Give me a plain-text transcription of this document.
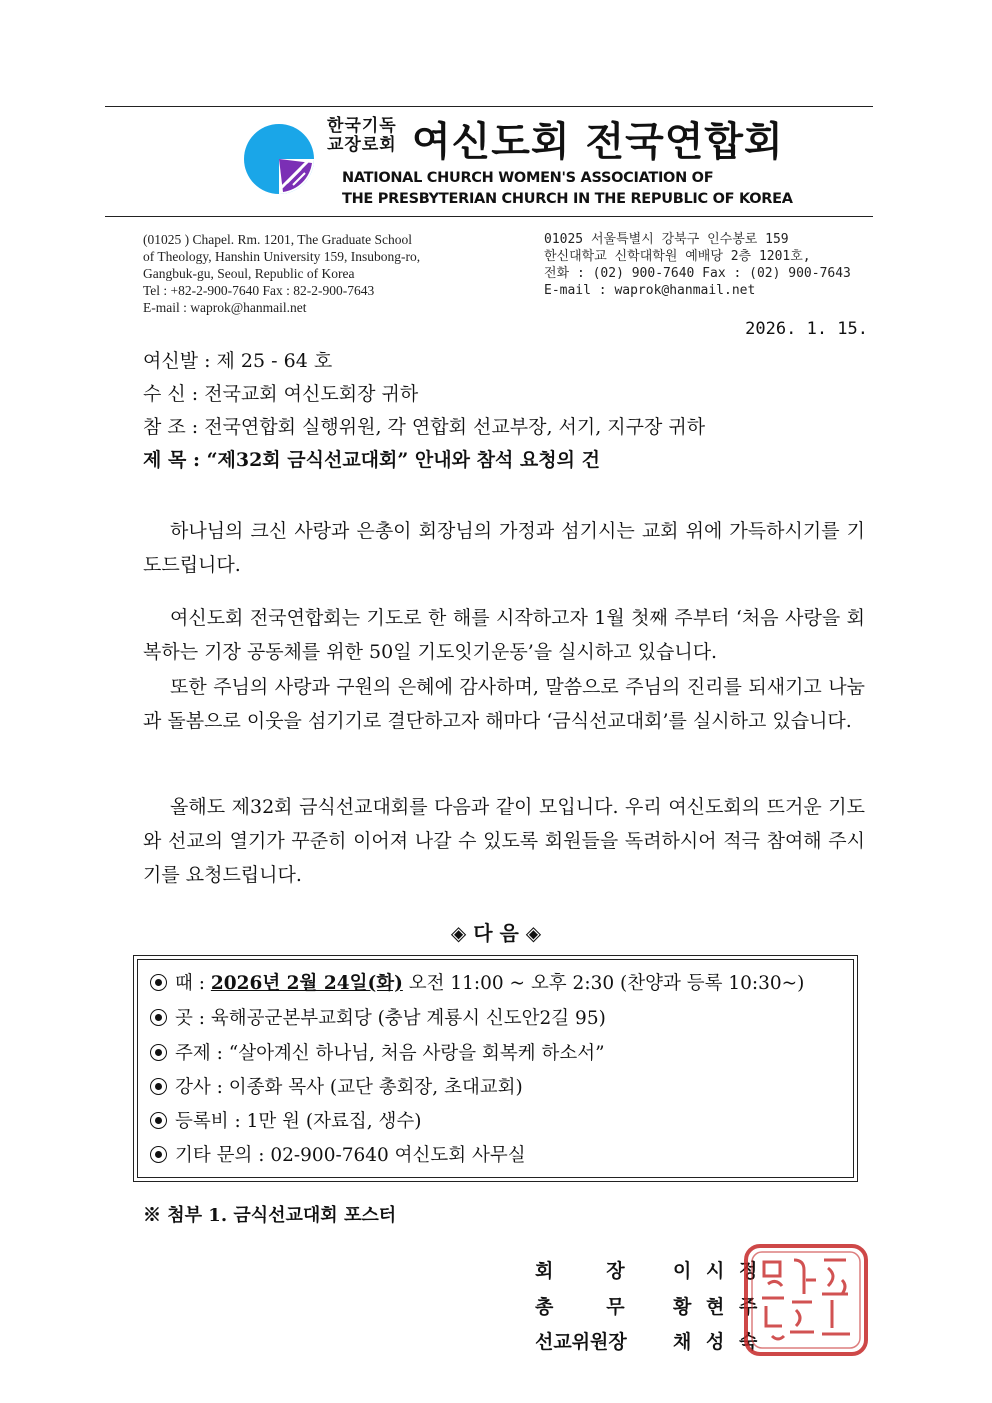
한국기독교장로회 여신도회 전국연합회
NATIONAL CHURCH WOMEN'S ASSOCIATION OF
THE PRESBYTERIAN CHURCH IN THE REPUBLIC OF KOREA
(01025 ) Chapel. Rm. 1201, The Graduate School
of Theology, Hanshin University 159, Insubong-ro,
Gangbuk-gu, Seoul, Republic of Korea
Tel : +82-2-900-7640 Fax : 82-2-900-7643
E-mail : waprok@hanmail.net
01025 서울특별시 강북구 인수봉로 159
한신대학교 신학대학원 예배당 2층 1201호,
전화 : (02) 900-7640 Fax : (02) 900-7643
E-mail : waprok@hanmail.net
2026. 1. 15.
여신발 : 제 25 - 64 호
수 신 : 전국교회 여신도회장 귀하
참 조 : 전국연합회 실행위원, 각 연합회 선교부장, 서기, 지구장 귀하
제 목 : “제32회 금식선교대회” 안내와 참석 요청의 건
하나님의 크신 사랑과 은총이 회장님의 가정과 섬기시는 교회 위에 가득하시기를 기도드립니다.
여신도회 전국연합회는 기도로 한 해를 시작하고자 1월 첫째 주부터 ‘처음 사랑을 회복하는 기장 공동체를 위한 50일 기도잇기운동’을 실시하고 있습니다.
또한 주님의 사랑과 구원의 은혜에 감사하며, 말씀으로 주님의 진리를 되새기고 나눔과 돌봄으로 이웃을 섬기기로 결단하고자 해마다 ‘금식선교대회’를 실시하고 있습니다.
올해도 제32회 금식선교대회를 다음과 같이 모입니다. 우리 여신도회의 뜨거운 기도와 선교의 열기가 꾸준히 이어져 나갈 수 있도록 회원들을 독려하시어 적극 참여해 주시기를 요청드립니다.
◈ 다 음 ◈
때 : 2026년 2월 24일(화) 오전 11:00 ~ 오후 2:30 (찬양과 등록 10:30~)
곳 : 육해공군본부교회당 (충남 계룡시 신도안2길 95)
주제 : “살아계신 하나님, 처음 사랑을 회복케 하소서”
강사 : 이종화 목사 (교단 총회장, 초대교회)
등록비 : 1만 원 (자료집, 생수)
기타 문의 : 02-900-7640 여신도회 사무실
※ 첨부 1. 금식선교대회 포스터
회        장	이 시 정
총        무	황 현 주
선교위원장 채 성 숙
